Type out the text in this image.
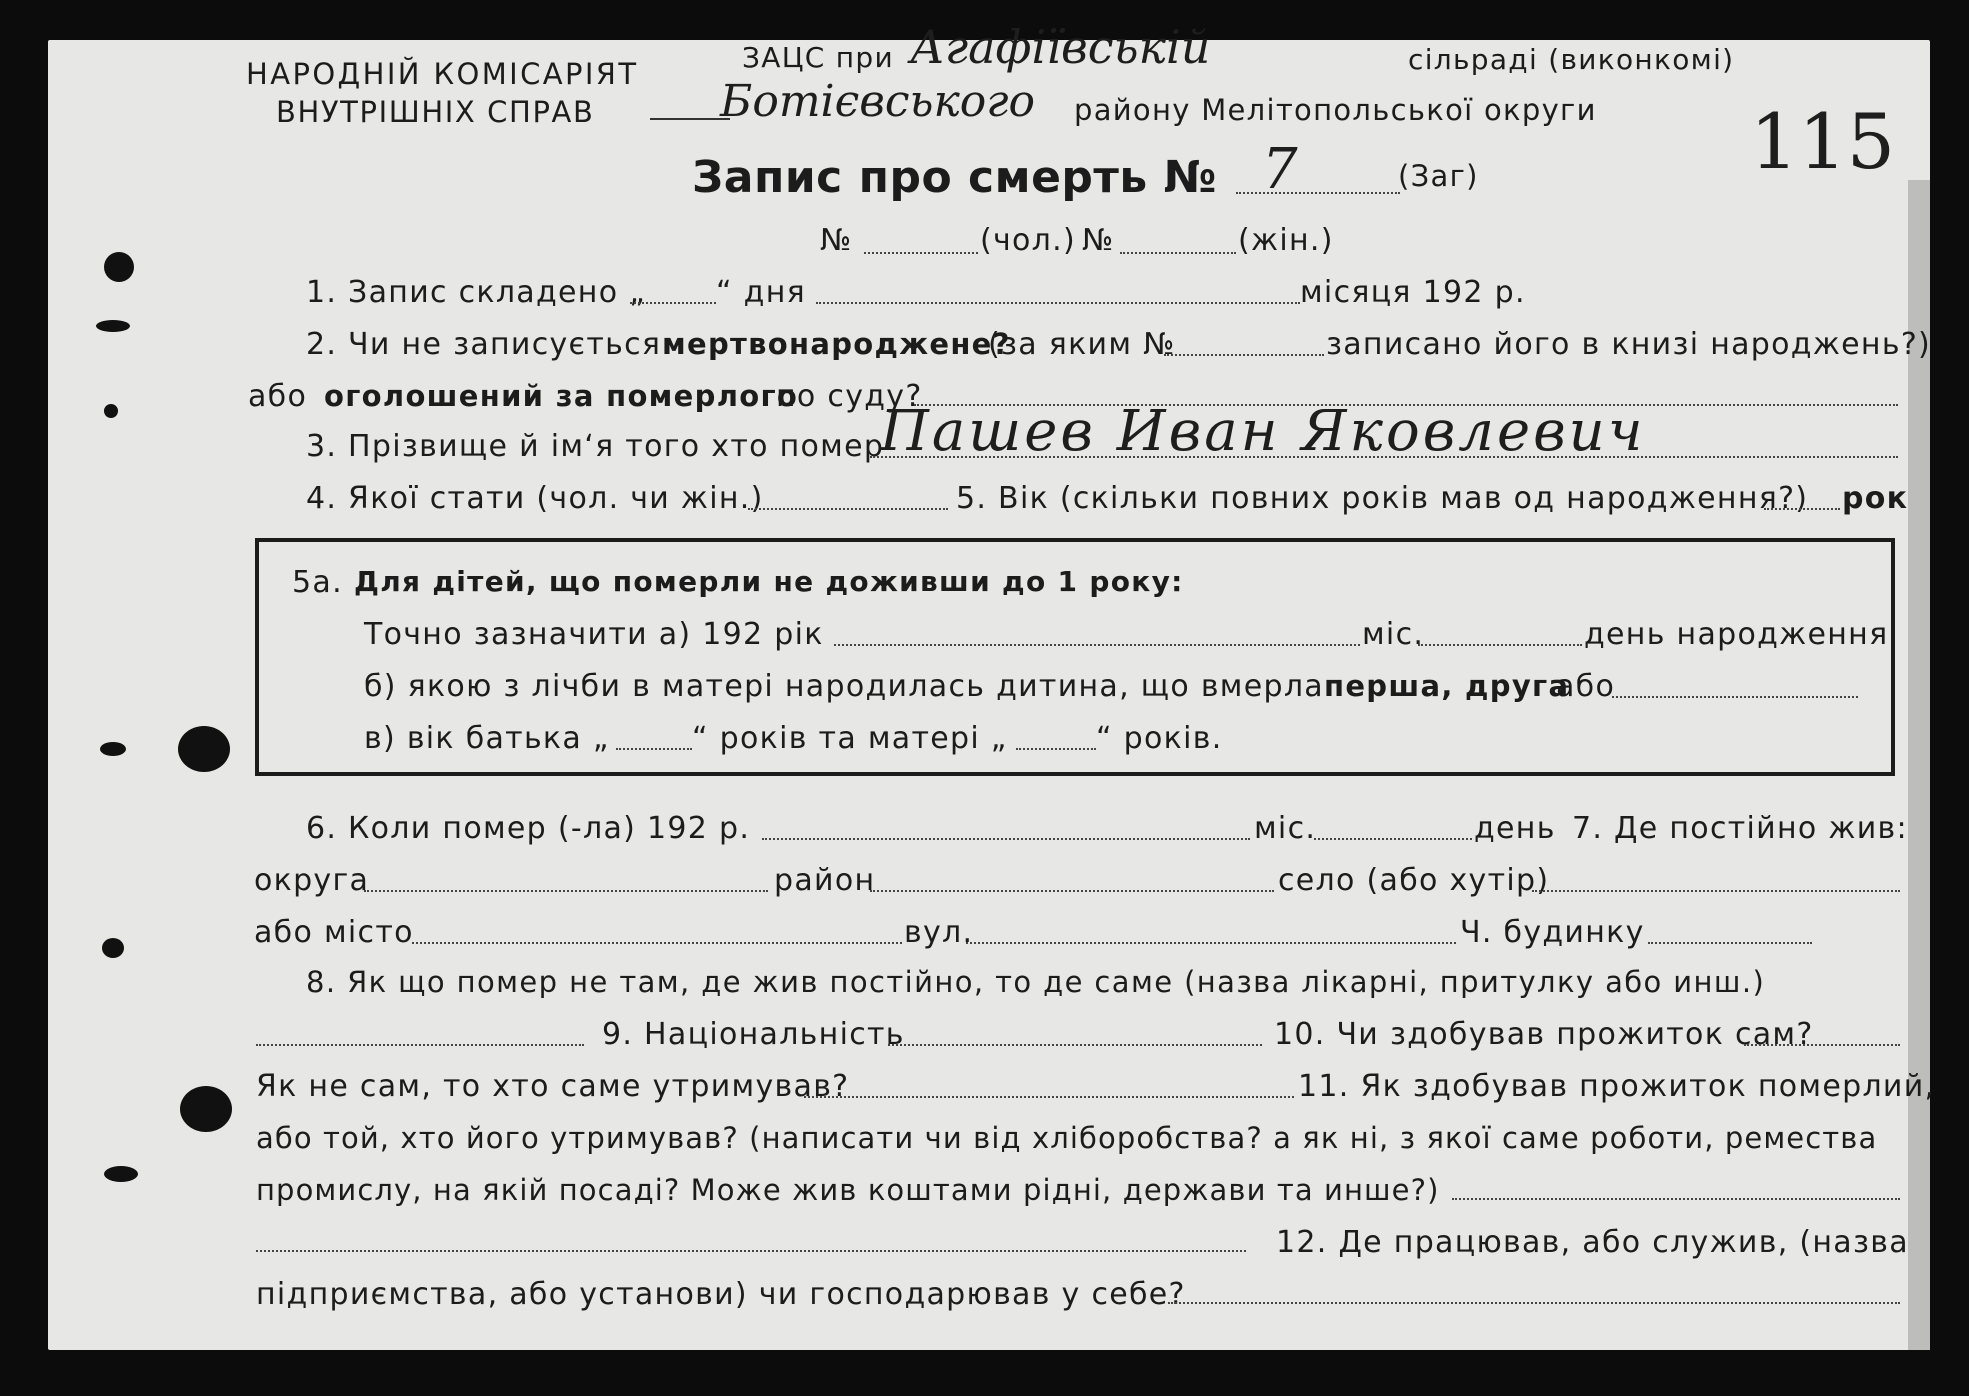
НАРОДНІЙ КОМІСАРІЯТ
ВНУТРІШНІХ СПРАВ
ЗАЦС при Агафіївській	сільраді (виконкомі)
Ботієвського району Мелітопольської округи 115
Запис про смерть № 7	(Заг)
№	(чол.) №	(жін.)
1. Запис складено „ “ дня	місяця 192 р.
2. Чи не записується мертвонароджене?
(за яким №	записано його в книзі народжень?)
або оголошений за померлого
по суду?
3. Прізвище й ім‘я того хто помер
Пашев Иван Яковлевич
4. Якої стати (чол. чи жін.)	5. Вік (скільки повних років мав од народження?) рок
5а. Для дітей, що померли не доживши до 1 року:
Точно зазначити а) 192 рік	міс.	день народження
б) якою з лічби в матері народилась дитина, що вмерла:
перша, друга
або
в) вік батька „	“ років та матері „	“ років.
6. Коли помер (-ла) 192 р.	міс.	день 7. Де постійно жив:
округа	район	село (або хутір)
або місто	вул.	Ч. будинку
8. Як що помер не там, де жив постійно, то де саме (назва лікарні, притулку або инш.)
9. Національність	10. Чи здобував прожиток сам?
Як не сам, то хто саме утримував?	11. Як здобував прожиток померлий,
або той, хто його утримував? (написати чи від хліборобства? а як ні, з якої саме роботи, ремества
промислу, на якій посаді? Може жив коштами рідні, держави та инше?)
12. Де працював, або служив, (назва
підприємства, або установи) чи господарював у себе?
